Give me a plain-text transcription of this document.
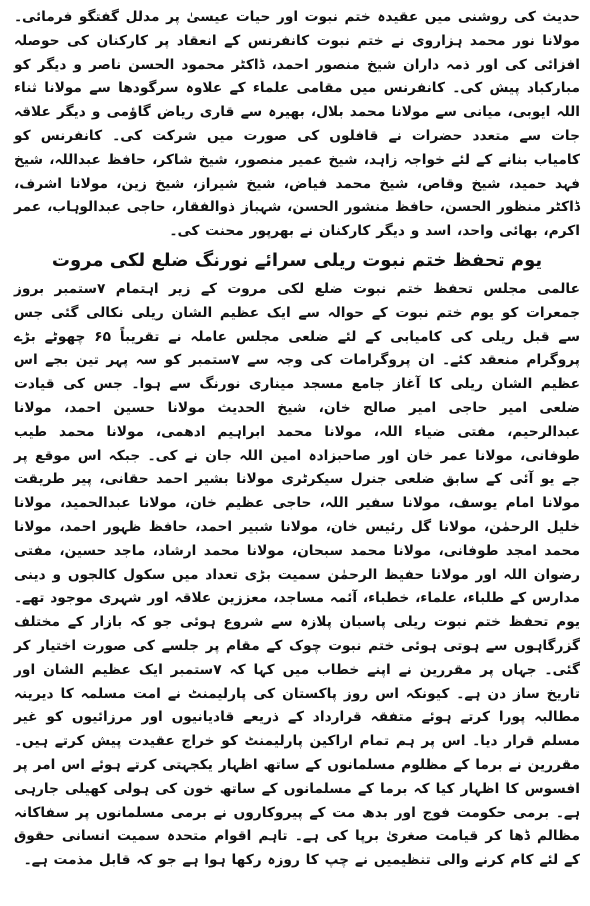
حدیث کی روشنی میں عقیدہ ختم نبوت اور حیات عیسیٰ پر مدلل گفتگو فرمائی۔ مولانا نور محمد ہزاروی نے ختم نبوت کانفرنس کے انعقاد پر کارکنان کی حوصلہ افزائی کی اور ذمہ داران شیخ منصور احمد، ڈاکٹر محمود الحسن ناصر و دیگر کو مبارکباد پیش کی۔ کانفرنس میں مقامی علماء کے علاوہ سرگودھا سے مولانا ثناء اللہ ایوبی، میانی سے مولانا محمد بلال، بھیرہ سے قاری ریاض گاؤمی و دیگر علاقہ جات سے متعدد حضرات نے قافلوں کی صورت میں شرکت کی۔ کانفرنس کو کامیاب بنانے کے لئے خواجہ زاہد، شیخ عمیر منصور، شیخ شاکر، حافظ عبداللہ، شیخ فہد حمید، شیخ وقاص، شیخ محمد فیاض، شیخ شیراز، شیخ زین، مولانا اشرف، ڈاکٹر منظور الحسن، حافظ منشور الحسن، شہباز ذوالفقار، حاجی عبدالوہاب، عمر اکرم، بھائی واحد، اسد و دیگر کارکنان نے بھرپور محنت کی۔

یوم تحفظ ختم نبوت ریلی سرائے نورنگ ضلع لکی مروت

عالمی مجلس تحفظ ختم نبوت ضلع لکی مروت کے زیر اہتمام ۷ستمبر بروز جمعرات کو یوم ختم نبوت کے حوالہ سے ایک عظیم الشان ریلی نکالی گئی جس سے قبل ریلی کی کامیابی کے لئے ضلعی مجلس عاملہ نے تقریباً ۶۵ چھوٹے بڑے پروگرام منعقد کئے۔ ان پروگرامات کی وجہ سے ۷ستمبر کو سہ پہر تین بجے اس عظیم الشان ریلی کا آغاز جامع مسجد میناری نورنگ سے ہوا۔ جس کی قیادت ضلعی امیر حاجی امیر صالح خان، شیخ الحدیث مولانا حسین احمد، مولانا عبدالرحیم، مفتی ضیاء اللہ، مولانا محمد ابراہیم ادھمی، مولانا محمد طیب طوفانی، مولانا عمر خان اور صاحبزادہ امین اللہ جان نے کی۔ جبکہ اس موقع پر جے یو آئی کے سابق ضلعی جنرل سیکرٹری مولانا بشیر احمد حقانی، پیر طریقت مولانا امام یوسف، مولانا سفیر اللہ، حاجی عظیم خان، مولانا عبدالحمید، مولانا خلیل الرحمٰن، مولانا گل رئیس خان، مولانا شبیر احمد، حافظ ظہور احمد، مولانا محمد امجد طوفانی، مولانا محمد سبحان، مولانا محمد ارشاد، ماجد حسین، مفتی رضوان اللہ اور مولانا حفیظ الرحمٰن سمیت بڑی تعداد میں سکول کالجوں و دینی مدارس کے طلباء، علماء، خطباء، آئمہ مساجد، معززین علاقہ اور شہری موجود تھے۔ یوم تحفظ ختم نبوت ریلی پاسبان پلازہ سے شروع ہوئی جو کہ بازار کے مختلف گزرگاہوں سے ہوتی ہوئی ختم نبوت چوک کے مقام پر جلسے کی صورت اختیار کر گئی۔ جہاں پر مقررین نے اپنے خطاب میں کہا کہ ۷ستمبر ایک عظیم الشان اور تاریخ ساز دن ہے۔ کیونکہ اس روز پاکستان کی پارلیمنٹ نے امت مسلمہ کا دیرینہ مطالبہ پورا کرتے ہوئے متفقہ قرارداد کے ذریعے قادیانیوں اور مرزائیوں کو غیر مسلم قرار دیا۔ اس پر ہم تمام اراکین پارلیمنٹ کو خراج عقیدت پیش کرتے ہیں۔ مقررین نے برما کے مظلوم مسلمانوں کے ساتھ اظہار یکجہتی کرتے ہوئے اس امر پر افسوس کا اظہار کیا کہ برما کے مسلمانوں کے ساتھ خون کی ہولی کھیلی جارہی ہے۔ برمی حکومت فوج اور بدھ مت کے پیروکاروں نے برمی مسلمانوں پر سفاکانہ مظالم ڈھا کر قیامت صغریٰ برپا کی ہے۔ تاہم اقوام متحدہ سمیت انسانی حقوق کے لئے کام کرنے والی تنظیمیں نے چپ کا روزہ رکھا ہوا ہے جو کہ قابل مذمت ہے۔
